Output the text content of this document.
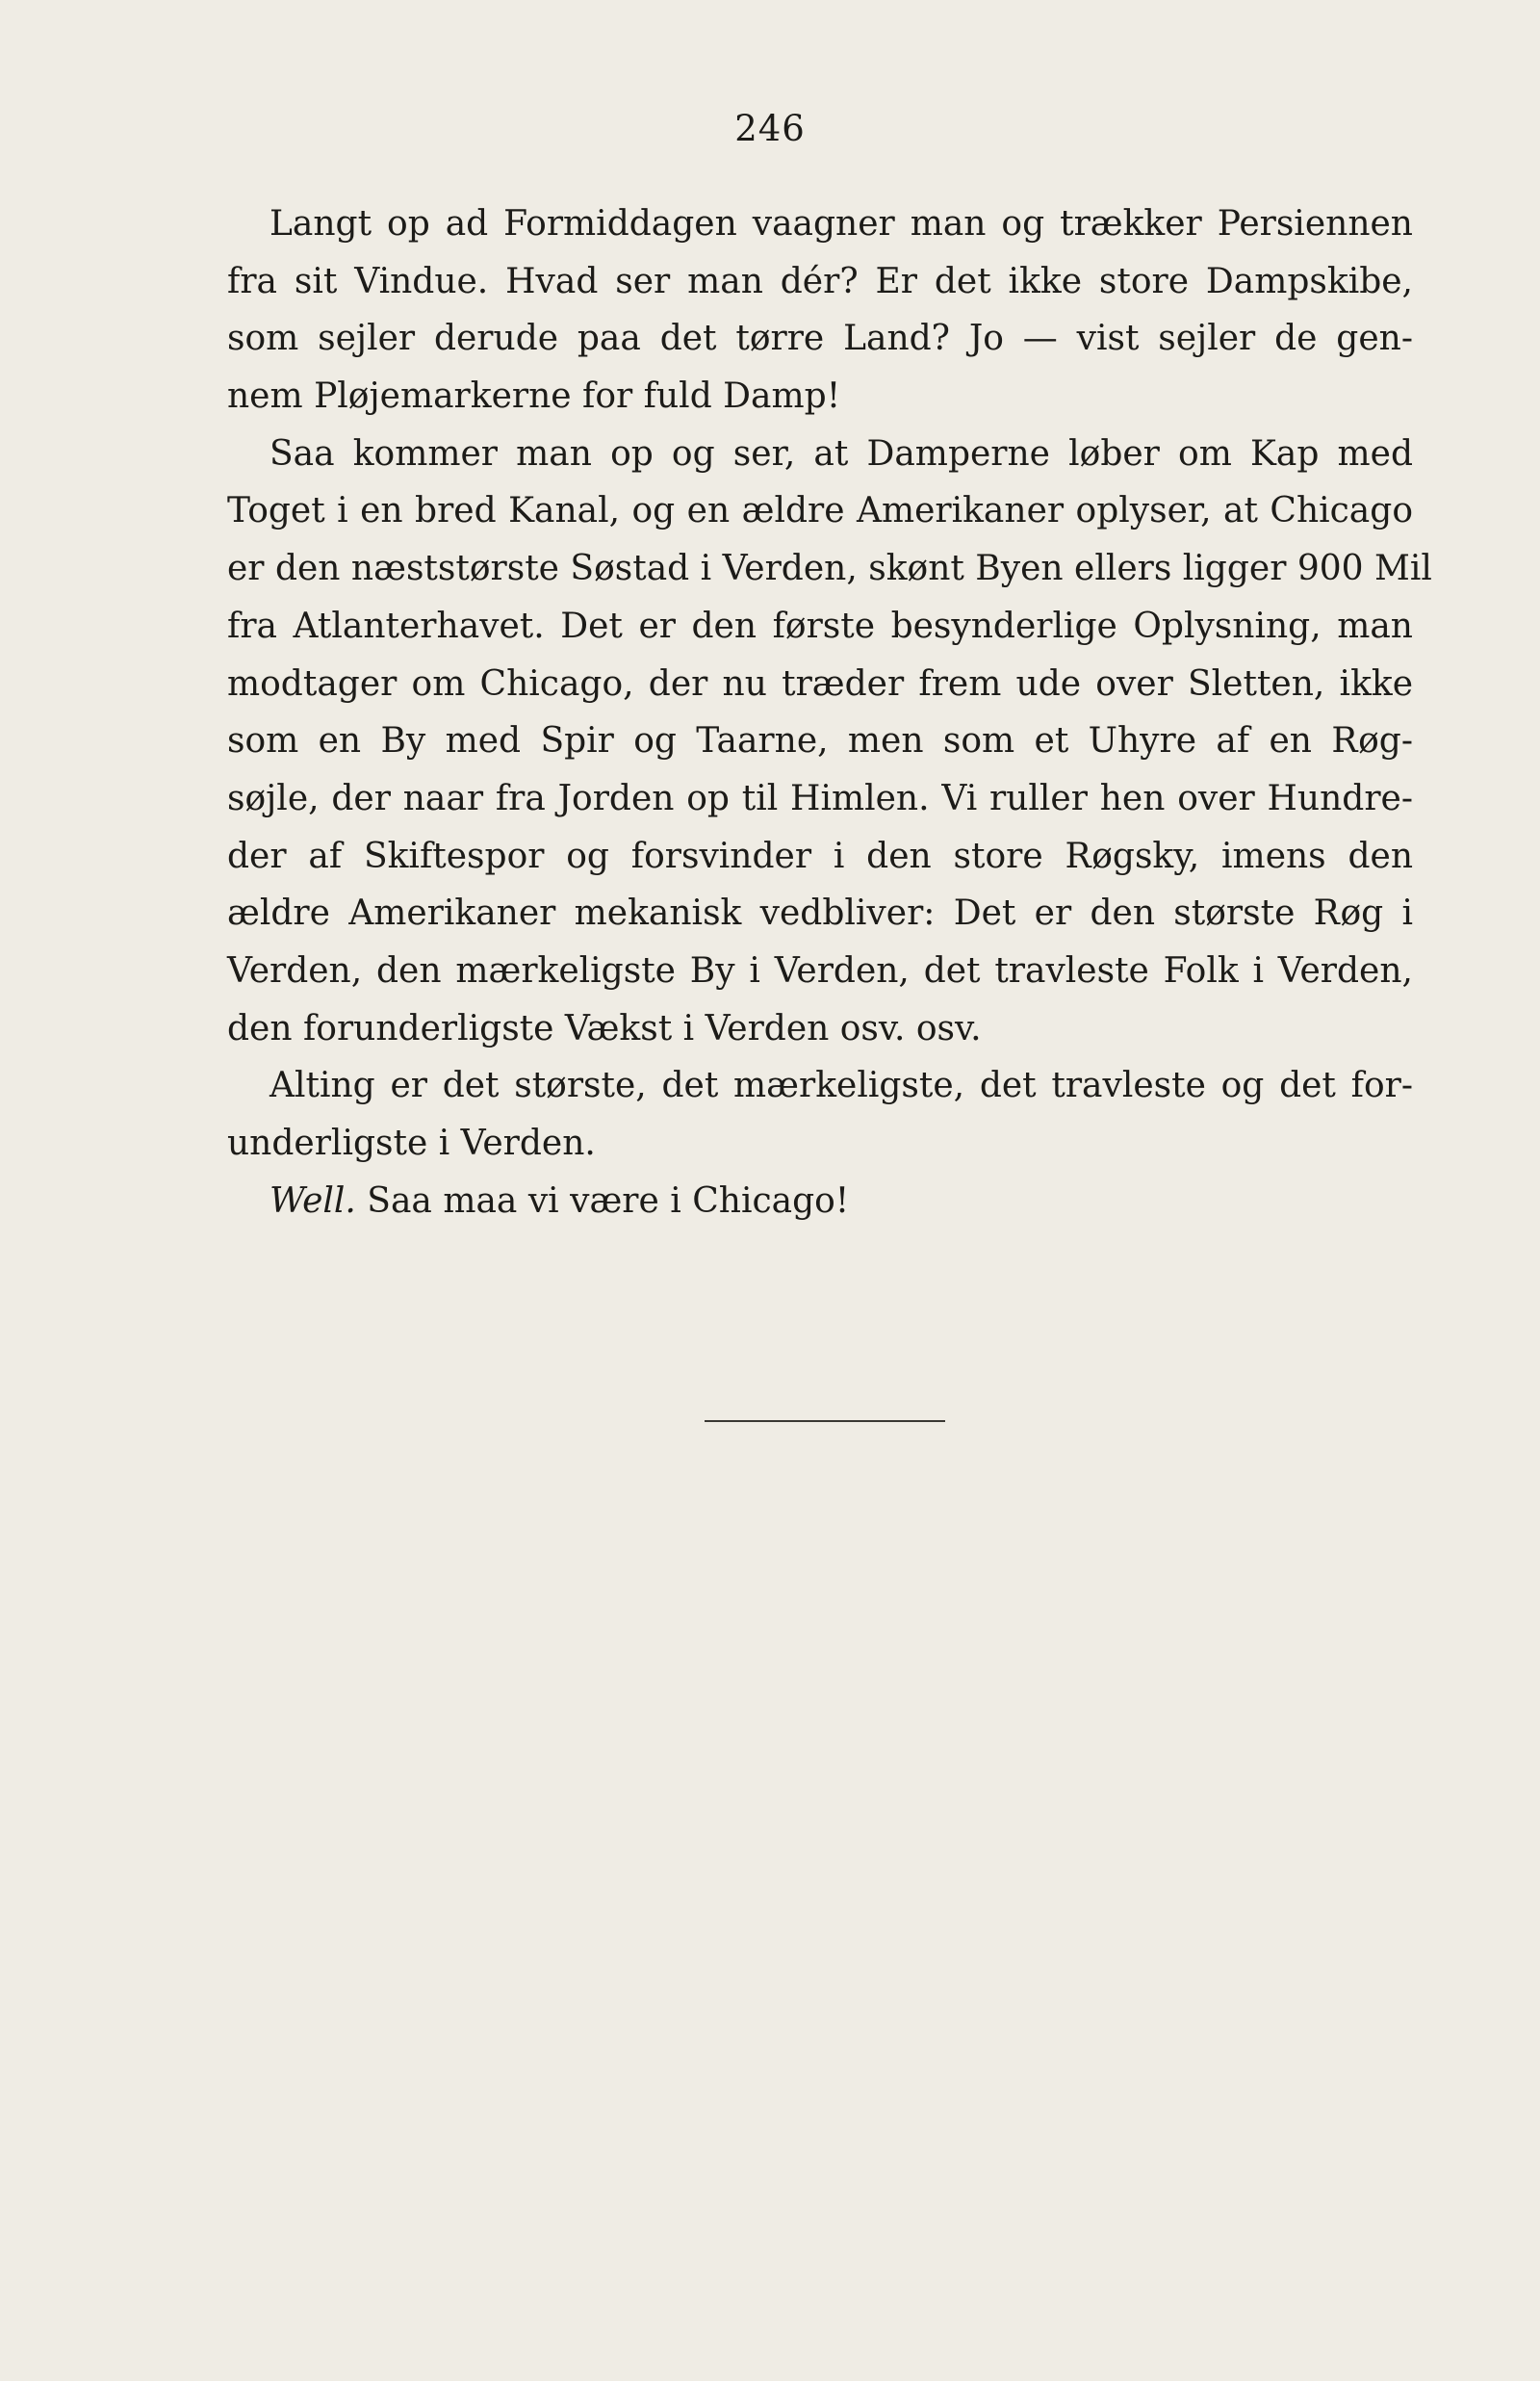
246
Langt op ad Formiddagen vaagner man og trækker Persiennen
fra sit Vindue. Hvad ser man dér? Er det ikke store Dampskibe,
som sejler derude paa det tørre Land? Jo — vist sejler de gen-
nem Pløjemarkerne for fuld Damp!
Saa kommer man op og ser, at Damperne løber om Kap med
Toget i en bred Kanal, og en ældre Amerikaner oplyser, at Chicago
er den næststørste Søstad i Verden, skønt Byen ellers ligger 900 Mil
fra Atlanterhavet. Det er den første besynderlige Oplysning, man
modtager om Chicago, der nu træder frem ude over Sletten, ikke
som en By med Spir og Taarne, men som et Uhyre af en Røg-
søjle, der naar fra Jorden op til Himlen. Vi ruller hen over Hundre-
der af Skiftespor og forsvinder i den store Røgsky, imens den
ældre Amerikaner mekanisk vedbliver: Det er den største Røg i
Verden, den mærkeligste By i Verden, det travleste Folk i Verden,
den forunderligste Vækst i Verden osv. osv.
Alting er det største, det mærkeligste, det travleste og det for-
underligste i Verden.
Well. Saa maa vi være i Chicago!
